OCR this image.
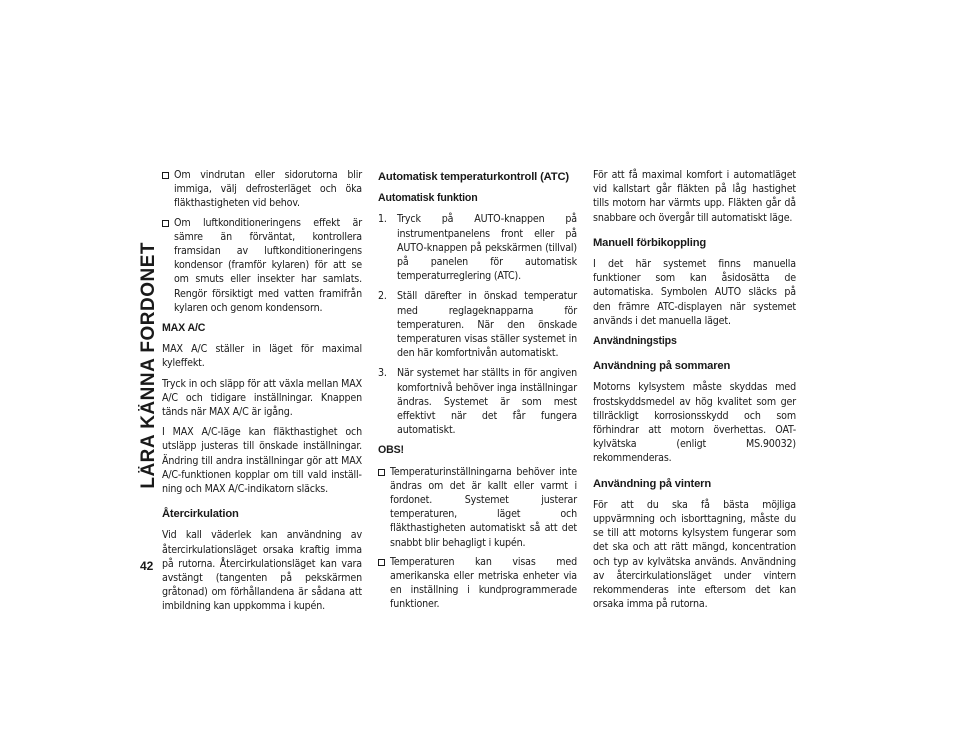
LÄRA KÄNNA FORDONET
42

Om vindrutan eller sidorutorna blir immiga, välj defrosterläget och öka fläkthastigheten vid behov.

Om luftkonditioneringens effekt är sämre än förväntat, kontrollera framsidan av luftkonditioneringens kondensor (framför kylaren) för att se om smuts eller insekter har samlats. Rengör försiktigt med vatten framifrån kylaren och genom kondensorn.

MAX A/C

MAX A/C ställer in läget för maximal kyleffekt.

Tryck in och släpp för att växla mellan MAX A/C och tidigare inställningar. Knappen tänds när MAX A/C är igång.

I MAX A/C-läge kan fläkthastighet och utsläpp justeras till önskade inställningar. Ändring till andra inställningar gör att MAX A/C-funktionen kopplar om till vald inställning och MAX A/C-indikatorn släcks.

Återcirkulation

Vid kall väderlek kan användning av återcirkulationsläget orsaka kraftig imma på rutorna. Återcirkulationsläget kan vara avstängt (tangenten på pekskärmen gråtonad) om förhållandena är sådana att imbildning kan uppkomma i kupén.

Automatisk temperaturkontroll (ATC)
Automatisk funktion
1. Tryck på AUTO-knappen på instrumentpanelens front eller på AUTO-knappen på pekskärmen (tillval) på panelen för automatisk temperaturreglering (ATC).

2. Ställ därefter in önskad temperatur med reglageknapparna för temperaturen. När den önskade temperaturen visas ställer systemet in den här komfortnivån automatiskt.

3. När systemet har ställts in för angiven komfortnivå behöver inga inställningar ändras. Systemet är som mest effektivt när det får fungera automatiskt.

OBS!

Temperaturinställningarna behöver inte ändras om det är kallt eller varmt i fordonet. Systemet justerar temperaturen, läget och fläkthastigheten automatiskt så att det snabbt blir behagligt i kupén.

Temperaturen kan visas med amerikanska eller metriska enheter via en inställning i kundprogrammerade funktioner.

För att få maximal komfort i automatläget vid kallstart går fläkten på låg hastighet tills motorn har värmts upp. Fläkten går då snabbare och övergår till automatiskt läge.

Manuell förbikoppling

I det här systemet finns manuella funktioner som kan åsidosätta de automatiska. Symbolen AUTO släcks på den främre ATC-displayen när systemet används i det manuella läget.

Användningstips
Användning på sommaren

Motorns kylsystem måste skyddas med frostskyddsmedel av hög kvalitet som ger tillräckligt korrosionsskydd och som förhindrar att motorn överhettas. OAT-kylvätska (enligt MS.90032) rekommenderas.

Användning på vintern

För att du ska få bästa möjliga uppvärmning och isborttagning, måste du se till att motorns kylsystem fungerar som det ska och att rätt mängd, koncentration och typ av kylvätska används. Användning av återcirkulationsläget under vintern rekommenderas inte eftersom det kan orsaka imma på rutorna.
